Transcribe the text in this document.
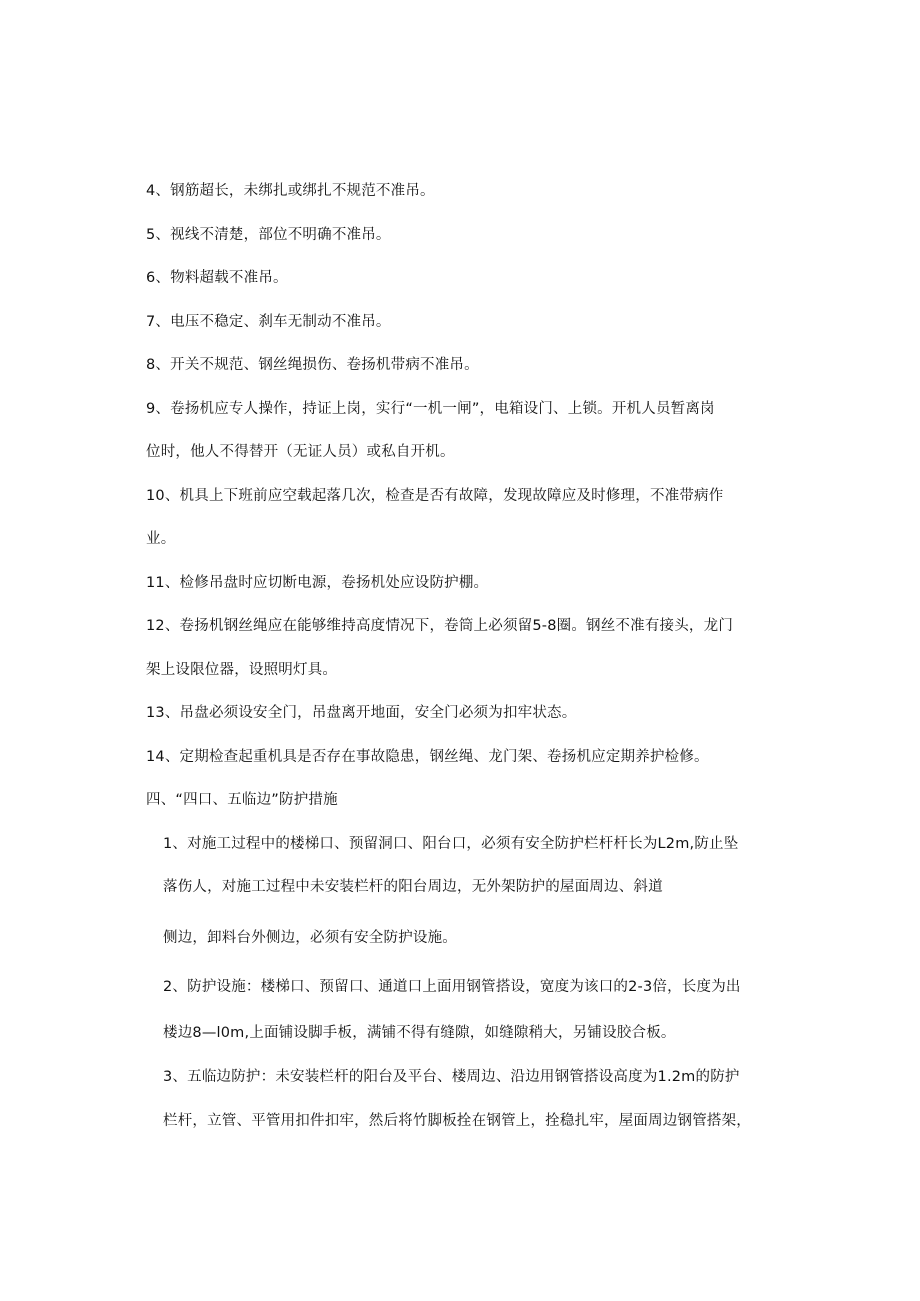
4、钢筋超长，未绑扎或绑扎不规范不准吊。
5、视线不清楚，部位不明确不准吊。
6、物料超载不准吊。
7、电压不稳定、刹车无制动不准吊。
8、开关不规范、钢丝绳损伤、卷扬机带病不准吊。
9、卷扬机应专人操作，持证上岗，实行“一机一闸”，电箱设门、上锁。开机人员暂离岗
位时，他人不得替开（无证人员）或私自开机。
10、机具上下班前应空载起落几次，检查是否有故障，发现故障应及时修理，不准带病作
业。
11、检修吊盘时应切断电源，卷扬机处应设防护棚。
12、卷扬机钢丝绳应在能够维持高度情况下，卷筒上必须留5-8圈。钢丝不准有接头，龙门
架上设限位器，设照明灯具。
13、吊盘必须设安全门，吊盘离开地面，安全门必须为扣牢状态。
14、定期检查起重机具是否存在事故隐患，钢丝绳、龙门架、卷扬机应定期养护检修。
四、“四口、五临边”防护措施
1、对施工过程中的楼梯口、预留洞口、阳台口，必须有安全防护栏杆杆长为L2m,防止坠
落伤人，对施工过程中未安装栏杆的阳台周边，无外架防护的屋面周边、斜道
侧边，卸料台外侧边，必须有安全防护设施。
2、防护设施：楼梯口、预留口、通道口上面用钢管搭设，宽度为该口的2-3倍，长度为出
楼边8—l0m,上面铺设脚手板，满铺不得有缝隙，如缝隙稍大，另铺设胶合板。
3、五临边防护：未安装栏杆的阳台及平台、楼周边、沿边用钢管搭设高度为1.2m的防护
栏杆，立管、平管用扣件扣牢，然后将竹脚板拴在钢管上，拴稳扎牢，屋面周边钢管搭架，
